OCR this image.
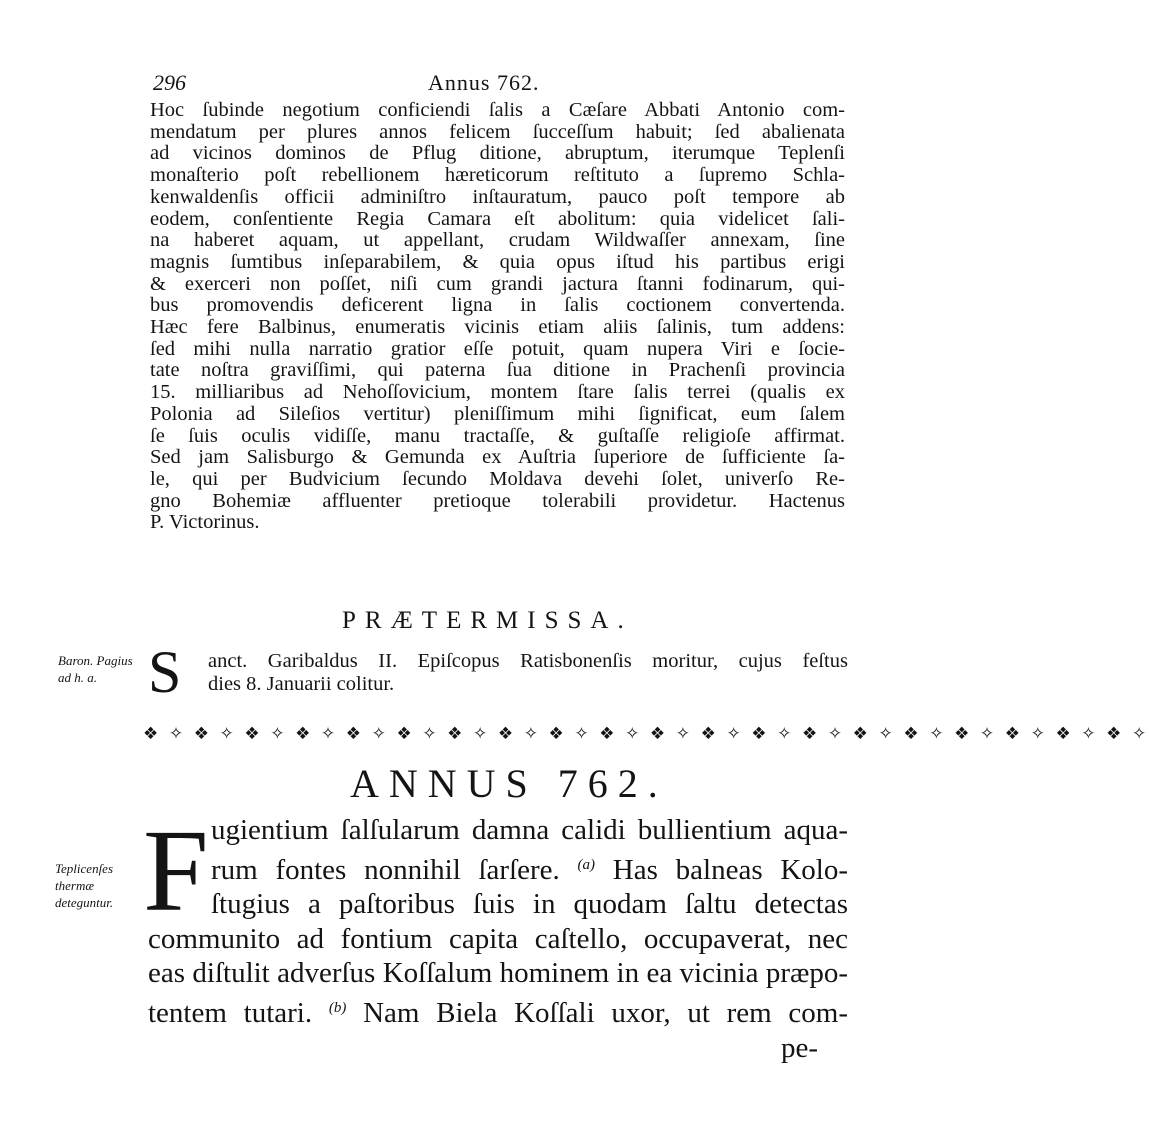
296	Annus 762.
Hoc ſubinde negotium conficiendi ſalis a Cæſare Abbati Antonio com-
mendatum per plures annos felicem ſucceſſum habuit; ſed abalienata
ad vicinos dominos de Pflug ditione, abruptum, iterumque Teplenſi
monaſterio poſt rebellionem hæreticorum reſtituto a ſupremo Schla-
kenwaldenſis officii adminiſtro inſtauratum, pauco poſt tempore ab
eodem, conſentiente Regia Camara eſt abolitum: quia videlicet ſali-
na haberet aquam, ut appellant, crudam Wildwaſſer annexam, ſine
magnis ſumtibus inſeparabilem, & quia opus iſtud his partibus erigi
& exerceri non poſſet, niſi cum grandi jactura ſtanni fodinarum, qui-
bus promovendis deficerent ligna in ſalis coctionem convertenda.
Hæc fere Balbinus, enumeratis vicinis etiam aliis ſalinis, tum addens:
ſed mihi nulla narratio gratior eſſe potuit, quam nupera Viri e ſocie-
tate noſtra graviſſimi, qui paterna ſua ditione in Prachenſi provincia
15. milliaribus ad Nehoſſovicium, montem ſtare ſalis terrei (qualis ex
Polonia ad Sileſios vertitur) pleniſſimum mihi ſignificat, eum ſalem
ſe ſuis oculis vidiſſe, manu tractaſſe, & guſtaſſe religioſe affirmat.
Sed jam Salisburgo & Gemunda ex Auſtria ſuperiore de ſufficiente ſa-
le, qui per Budvicium ſecundo Moldava devehi ſolet, univerſo Re-
gno Bohemiæ affluenter pretioque tolerabili providetur. Hactenus
P. Victorinus.
PRÆTERMISSA.
Baron. Pagius ad h. a. S anct. Garibaldus II. Epiſcopus Ratisbonenſis moritur, cujus feſtus
dies 8. Januarii colitur.
❖ ✧ ❖ ✧ ❖ ✧ ❖ ✧ ❖ ✧ ❖ ✧ ❖ ✧ ❖ ✧ ❖ ✧ ❖ ✧ ❖ ✧ ❖ ✧ ❖ ✧ ❖ ✧ ❖ ✧ ❖ ✧ ❖ ✧ ❖ ✧ ❖ ✧ ❖ ✧
ANNUS 762.
Teplicenſes thermæ deteguntur. F ugientium ſalſularum damna calidi bullientium aqua-
rum fontes nonnihil ſarſere. $^{(a)}$ Has balneas Kolo-
ſtugius a paſtoribus ſuis in quodam ſaltu detectas
communito ad fontium capita caſtello, occupaverat, nec
eas diſtulit adverſus Koſſalum hominem in ea vicinia præpo-
tentem tutari. $^{(b)}$ Nam Biela Koſſali uxor, ut rem com-
pe-
